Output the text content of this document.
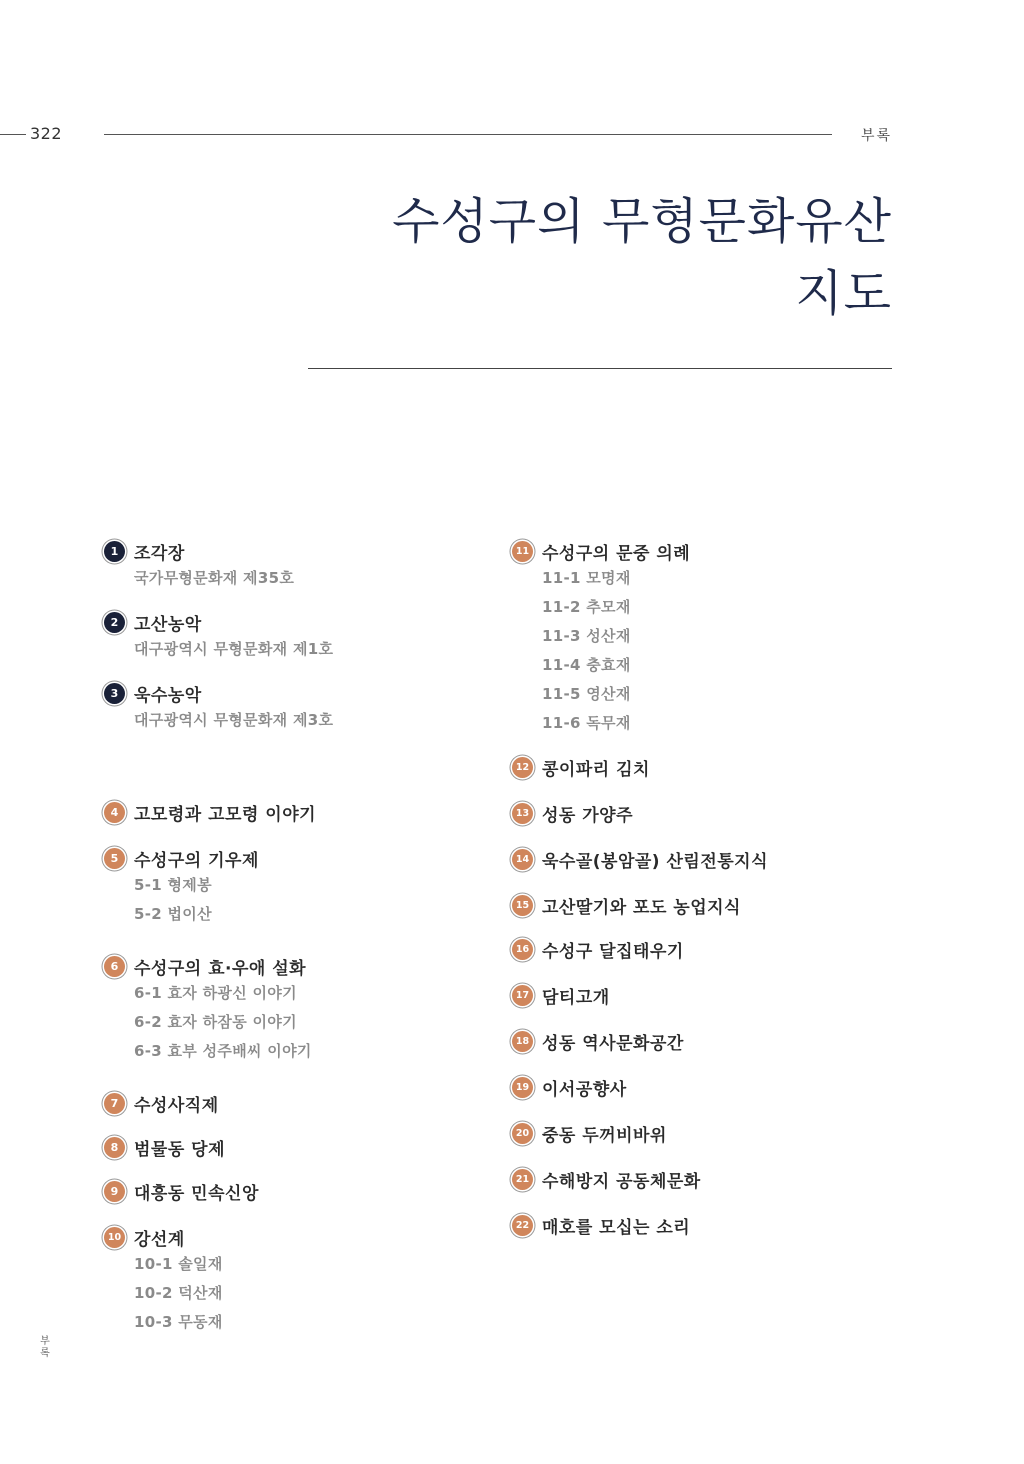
322	부록
수성구의 무형문화유산
지도
1 조각장
국가무형문화재 제35호
2 고산농악
대구광역시 무형문화재 제1호
3 욱수농악
대구광역시 무형문화재 제3호
4 고모령과 고모령 이야기
5 수성구의 기우제
5-1 형제봉
5-2 법이산
6 수성구의 효·우애 설화
6-1 효자 하광신 이야기
6-2 효자 하잠동 이야기
6-3 효부 성주배씨 이야기
7 수성사직제
8 범물동 당제
9 대흥동 민속신앙
10 강선계
10-1 솔일재
10-2 덕산재
10-3 무동재
11 수성구의 문중 의례
11-1 모명재
11-2 추모재
11-3 성산재
11-4 충효재
11-5 영산재
11-6 독무재
12 콩이파리 김치
13 성동 가양주
14 욱수골(봉암골) 산림전통지식
15 고산딸기와 포도 농업지식
16 수성구 달집태우기
17 담티고개
18 성동 역사문화공간
19 이서공향사
20 중동 두꺼비바위
21 수해방지 공동체문화
22 매호를 모십는 소리
부록
